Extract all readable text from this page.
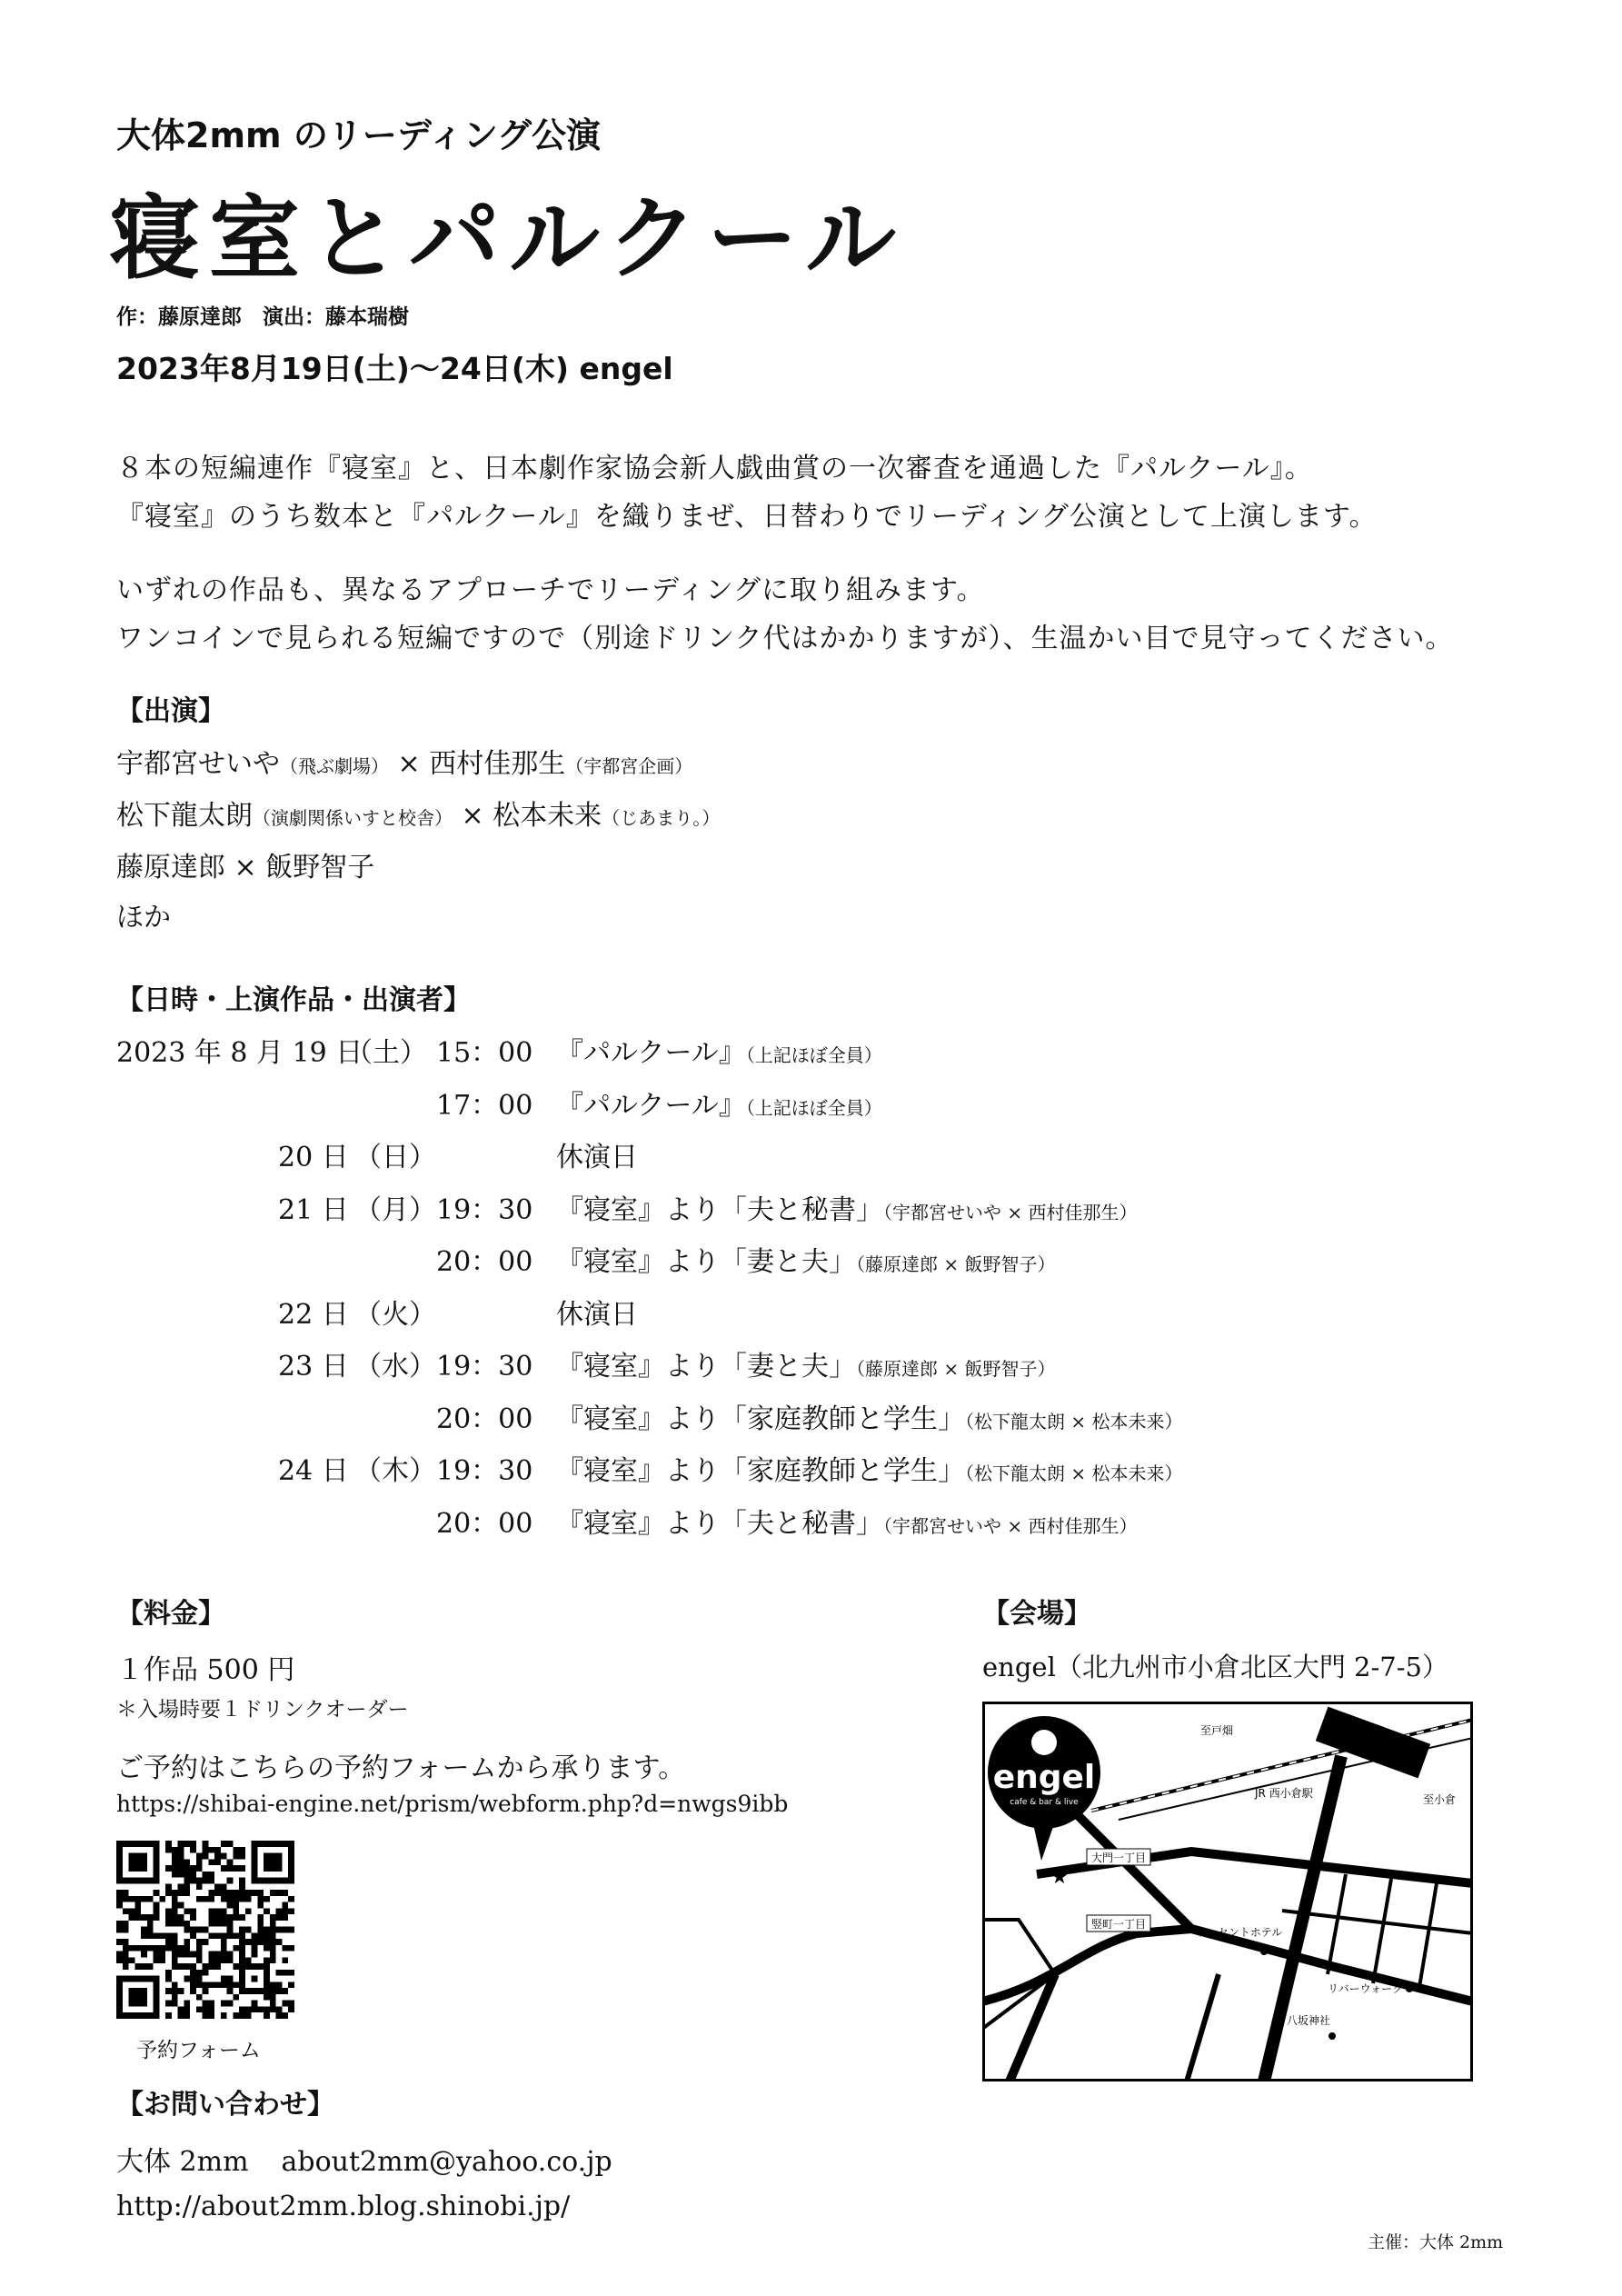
大体2mm のリーディング公演
寝室とパルクール
作：藤原達郎　演出：藤本瑞樹
2023年8月19日(土)〜24日(木) engel
８本の短編連作『寝室』と、日本劇作家協会新人戯曲賞の一次審査を通過した『パルクール』。
『寝室』のうち数本と『パルクール』を織りまぜ、日替わりでリーディング公演として上演します。
いずれの作品も、異なるアプローチでリーディングに取り組みます。
ワンコインで見られる短編ですので（別途ドリンク代はかかりますが）、生温かい目で見守ってください。
【出演】
宇都宮せいや（飛ぶ劇場） × 西村佳那生（宇都宮企画）
松下龍太朗（演劇関係いすと校舎） × 松本未来（じあまり。）
藤原達郎 × 飯野智子
ほか
【日時・上演作品・出演者】
2023 年 8 月 19 日
（土） 15：00 『パルクール』（上記ほぼ全員）
17：00 『パルクール』（上記ほぼ全員）
20 日 （日）	休演日
21 日 （月） 19：30 『寝室』より「夫と秘書」（宇都宮せいや × 西村佳那生）
20：00 『寝室』より「妻と夫」（藤原達郎 × 飯野智子）
22 日 （火）	休演日
23 日 （水） 19：30 『寝室』より「妻と夫」（藤原達郎 × 飯野智子）
20：00 『寝室』より「家庭教師と学生」（松下龍太朗 × 松本未来）
24 日 （木） 19：30 『寝室』より「家庭教師と学生」（松下龍太朗 × 松本未来）
20：00 『寝室』より「夫と秘書」（宇都宮せいや × 西村佳那生）
【料金】
１作品 500 円
＊入場時要１ドリンクオーダー
ご予約はこちらの予約フォームから承ります。
https://shibai-engine.net/prism/webform.php?d=nwgs9ibb
予約フォーム
【会場】
engel（北九州市小倉北区大門 2-7-5）
engel
cafe & bar & live
★
至戸畑
至小倉
JR 西小倉駅
大門一丁目
竪町一丁目
リーセントホテル
リバーウォーク
八坂神社
【お問い合わせ】
大体 2mm about2mm@yahoo.co.jp
http://about2mm.blog.shinobi.jp/
主催：大体 2mm
